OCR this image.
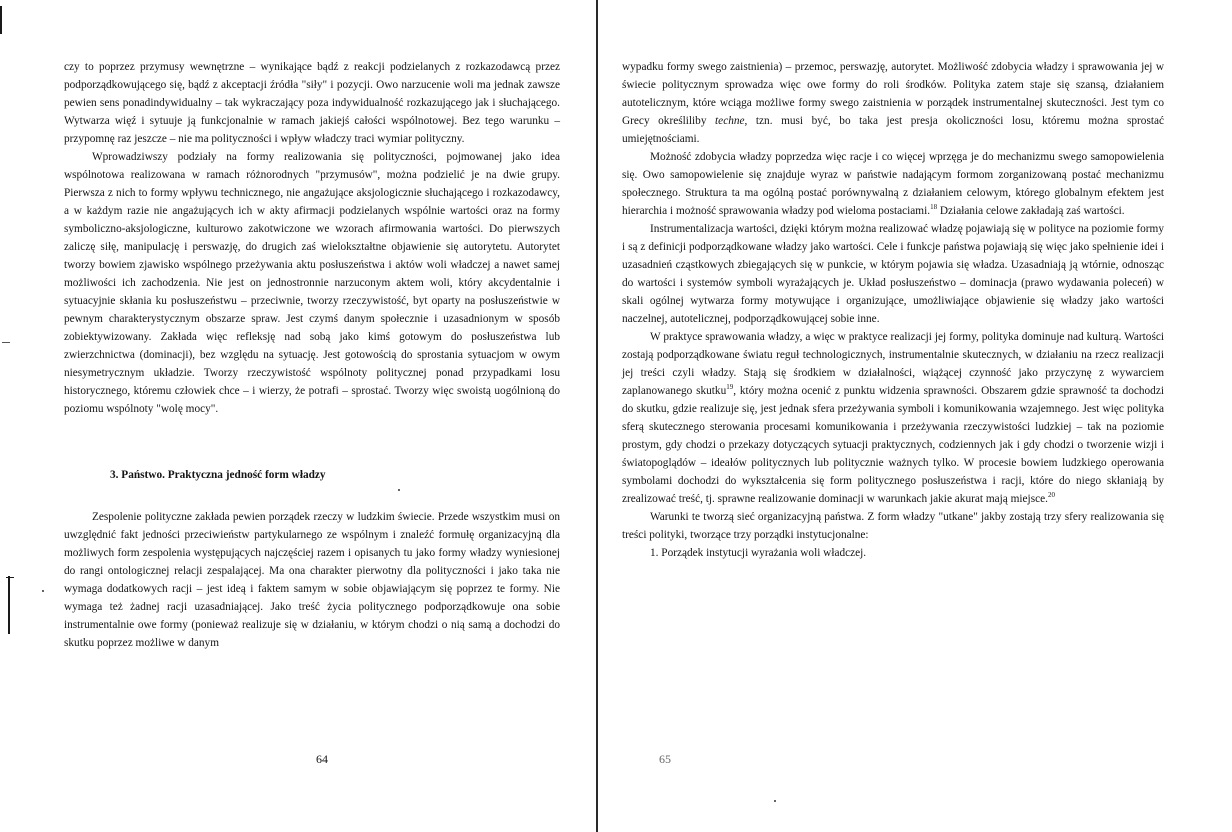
czy to poprzez przymusy wewnętrzne – wynikające bądź z reakcji podzielanych z rozkazodawcą przez podporządkowującego się, bądź z akceptacji źródła "siły" i pozycji. Owo narzucenie woli ma jednak zawsze pewien sens ponadindywidualny – tak wykraczający poza indywidualność rozkazującego jak i słuchającego. Wytwarza więź i sytuuje ją funkcjonalnie w ramach jakiejś całości wspólnotowej. Bez tego warunku – przypomnę raz jeszcze – nie ma polityczności i wpływ władczy traci wymiar polityczny.

Wprowadziwszy podziały na formy realizowania się polityczności, pojmowanej jako idea wspólnotowa realizowana w ramach różnorodnych "przymusów", można podzielić je na dwie grupy. Pierwsza z nich to formy wpływu technicznego, nie angażujące aksjologicznie słuchającego i rozkazodawcy, a w każdym razie nie angażujących ich w akty afirmacji podzielanych wspólnie wartości oraz na formy symboliczno-aksjologiczne, kulturowo zakotwiczone we wzorach afirmowania wartości. Do pierwszych zaliczę siłę, manipulację i perswazję, do drugich zaś wielokształtne objawienie się autorytetu. Autorytet tworzy bowiem zjawisko wspólnego przeżywania aktu posłuszeństwa i aktów woli władczej a nawet samej możliwości ich zachodzenia. Nie jest on jednostronnie narzuconym aktem woli, który akcydentalnie i sytuacyjnie skłania ku posłuszeństwu – przeciwnie, tworzy rzeczywistość, byt oparty na posłuszeństwie w pewnym charakterystycznym obszarze spraw. Jest czymś danym społecznie i uzasadnionym w sposób zobiektywizowany. Zakłada więc refleksję nad sobą jako kimś gotowym do posłuszeństwa lub zwierzchnictwa (dominacji), bez względu na sytuację. Jest gotowością do sprostania sytuacjom w owym niesymetrycznym układzie. Tworzy rzeczywistość wspólnoty politycznej ponad przypadkami losu historycznego, któremu człowiek chce – i wierzy, że potrafi – sprostać. Tworzy więc swoistą uogólnioną do poziomu wspólnoty "wolę mocy".

3. Państwo. Praktyczna jedność form władzy

Zespolenie polityczne zakłada pewien porządek rzeczy w ludzkim świecie. Przede wszystkim musi on uwzględnić fakt jedności przeciwieństw partykularnego ze wspólnym i znaleźć formułę organizacyjną dla możliwych form zespolenia występujących najczęściej razem i opisanych tu jako formy władzy wyniesionej do rangi ontologicznej relacji zespalającej. Ma ona charakter pierwotny dla polityczności i jako taka nie wymaga dodatkowych racji – jest ideą i faktem samym w sobie objawiającym się poprzez te formy. Nie wymaga też żadnej racji uzasadniającej. Jako treść życia politycznego podporządkowuje ona sobie instrumentalnie owe formy (ponieważ realizuje się w działaniu, w którym chodzi o nią samą a dochodzi do skutku poprzez możliwe w danym

64

wypadku formy swego zaistnienia) – przemoc, perswazję, autorytet. Możliwość zdobycia władzy i sprawowania jej w świecie politycznym sprowadza więc owe formy do roli środków. Polityka zatem staje się szansą, działaniem autotelicznym, które wciąga możliwe formy swego zaistnienia w porządek instrumentalnej skuteczności. Jest tym co Grecy określiliby techne, tzn. musi być, bo taka jest presja okoliczności losu, któremu można sprostać umiejętnościami.

Możność zdobycia władzy poprzedza więc racje i co więcej wprzęga je do mechanizmu swego samopowielenia się. Owo samopowielenie się znajduje wyraz w państwie nadającym formom zorganizowaną postać mechanizmu społecznego. Struktura ta ma ogólną postać porównywalną z działaniem celowym, którego globalnym efektem jest hierarchia i możność sprawowania władzy pod wieloma postaciami.$^{18}$ Działania celowe zakładają zaś wartości.

Instrumentalizacja wartości, dzięki którym można realizować władzę pojawiają się w polityce na poziomie formy i są z definicji podporządkowane władzy jako wartości. Cele i funkcje państwa pojawiają się więc jako spełnienie idei i uzasadnień cząstkowych zbiegających się w punkcie, w którym pojawia się władza. Uzasadniają ją wtórnie, odnosząc do wartości i systemów symboli wyrażających je. Układ posłuszeństwo – dominacja (prawo wydawania poleceń) w skali ogólnej wytwarza formy motywujące i organizujące, umożliwiające objawienie się władzy jako wartości naczelnej, autotelicznej, podporządkowującej sobie inne.

W praktyce sprawowania władzy, a więc w praktyce realizacji jej formy, polityka dominuje nad kulturą. Wartości zostają podporządkowane światu reguł technologicznych, instrumentalnie skutecznych, w działaniu na rzecz realizacji jej treści czyli władzy. Stają się środkiem w działalności, wiążącej czynność jako przyczynę z wywarciem zaplanowanego skutku$^{19}$, który można ocenić z punktu widzenia sprawności. Obszarem gdzie sprawność ta dochodzi do skutku, gdzie realizuje się, jest jednak sfera przeżywania symboli i komunikowania wzajemnego. Jest więc polityka sferą skutecznego sterowania procesami komunikowania i przeżywania rzeczywistości ludzkiej – tak na poziomie prostym, gdy chodzi o przekazy dotyczących sytuacji praktycznych, codziennych jak i gdy chodzi o tworzenie wizji i światopoglądów – ideałów politycznych lub politycznie ważnych tylko. W procesie bowiem ludzkiego operowania symbolami dochodzi do wykształcenia się form politycznego posłuszeństwa i racji, które do niego skłaniają by zrealizować treść, tj. sprawne realizowanie dominacji w warunkach jakie akurat mają miejsce.$^{20}$

Warunki te tworzą sieć organizacyjną państwa. Z form władzy "utkane" jakby zostają trzy sfery realizowania się treści polityki, tworzące trzy porządki instytucjonalne:

1. Porządek instytucji wyrażania woli władczej.

65
